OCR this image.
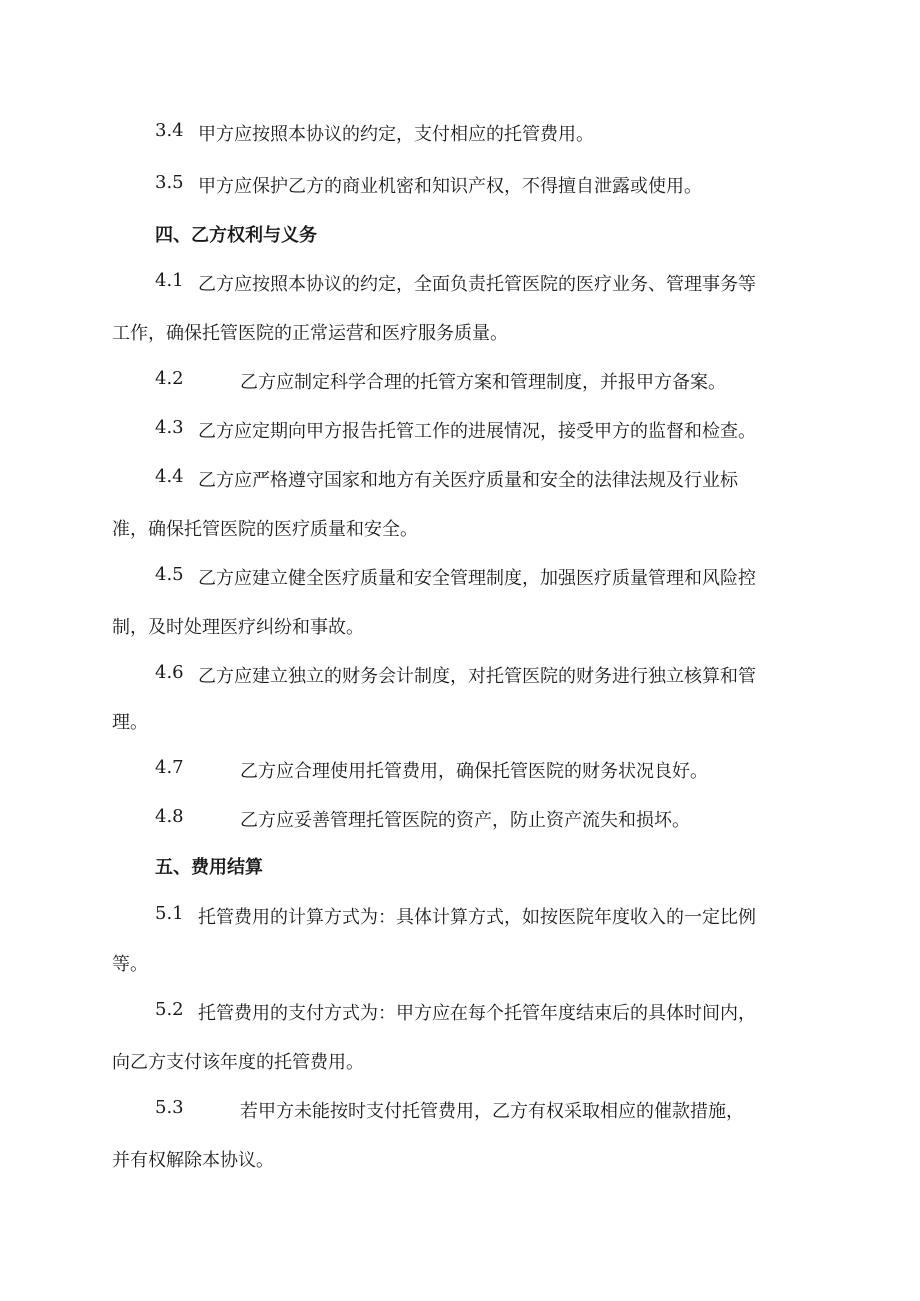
3.4 甲方应按照本协议的约定，支付相应的托管费用。
3.5 甲方应保护乙方的商业机密和知识产权，不得擅自泄露或使用。
四、乙方权利与义务
4.1 乙方应按照本协议的约定，全面负责托管医院的医疗业务、管理事务等
工作，确保托管医院的正常运营和医疗服务质量。
4.2	乙方应制定科学合理的托管方案和管理制度，并报甲方备案。
4.3 乙方应定期向甲方报告托管工作的进展情况，接受甲方的监督和检查。
4.4 乙方应严格遵守国家和地方有关医疗质量和安全的法律法规及行业标
准，确保托管医院的医疗质量和安全。
4.5 乙方应建立健全医疗质量和安全管理制度，加强医疗质量管理和风险控
制，及时处理医疗纠纷和事故。
4.6 乙方应建立独立的财务会计制度，对托管医院的财务进行独立核算和管
理。
4.7	乙方应合理使用托管费用，确保托管医院的财务状况良好。
4.8	乙方应妥善管理托管医院的资产，防止资产流失和损坏。
五、费用结算
5.1 托管费用的计算方式为：具体计算方式，如按医院年度收入的一定比例
等。
5.2 托管费用的支付方式为：甲方应在每个托管年度结束后的具体时间内，
向乙方支付该年度的托管费用。
5.3	若甲方未能按时支付托管费用，乙方有权采取相应的催款措施，
并有权解除本协议。
